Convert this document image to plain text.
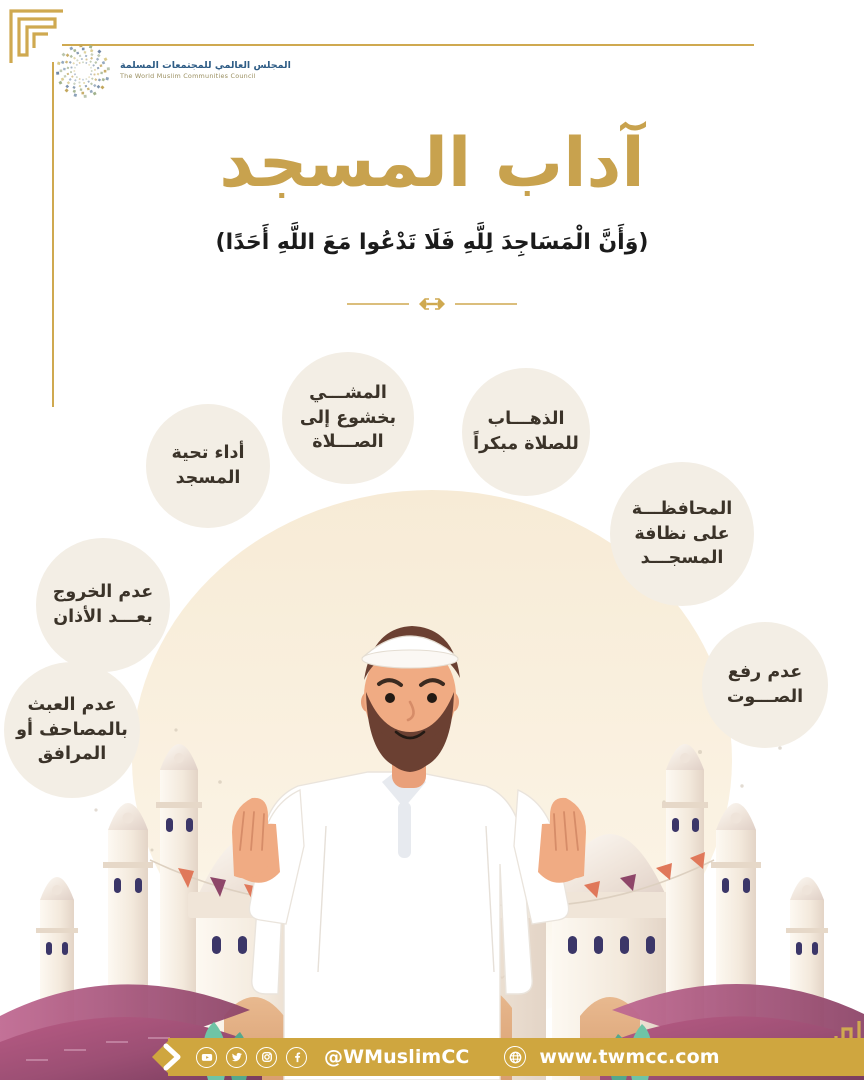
المجلس العالمي للمجتمعات المسلمة
The World Muslim Communities Council
آداب المسجد
(وَأَنَّ الْمَسَاجِدَ لِلَّهِ فَلَا تَدْعُوا مَعَ اللَّهِ أَحَدًا)
المشـــي بخشوع إلى الصـــلاة
الذهـــاب للصلاة مبكراً
أداء تحية المسجد
المحافظـــة على نظافة المسجـــد
عدم الخروج بعـــد الأذان
عدم رفع الصـــوت
عدم العبث بالمصاحف أو المرافق
@WMuslimCC	www.twmcc.com
